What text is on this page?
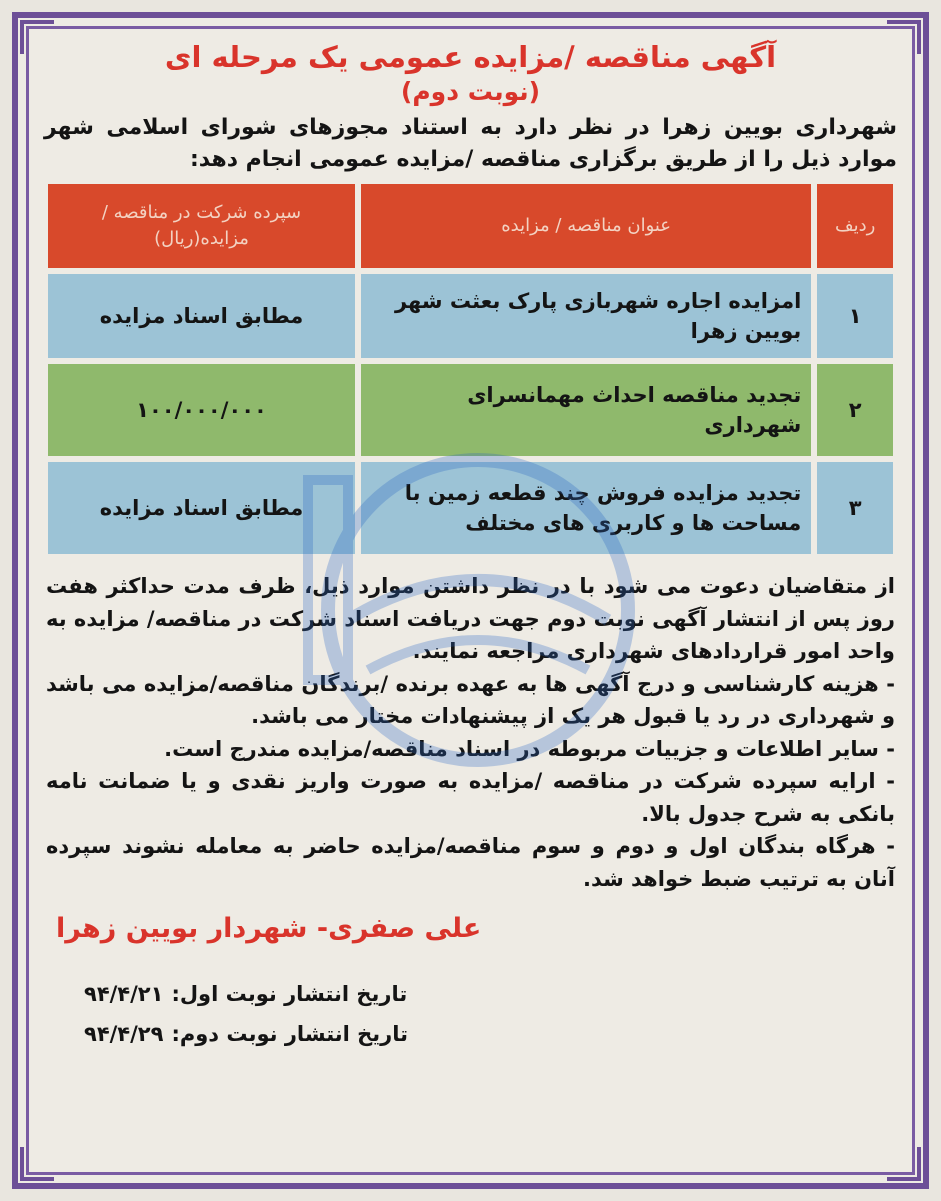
آگهی مناقصه /مزایده عمومی یک مرحله ای
(نوبت دوم)
شهرداری بویین زهرا در نظر دارد به استناد مجوزهای شورای اسلامی شهر موارد ذیل را از طریق برگزاری مناقصه /مزایده عمومی انجام دهد:
ردیف	عنوان مناقصه / مزایده	سپرده شرکت در مناقصه / مزایده(ریال)
۱	امزایده اجاره شهربازی پارک بعثت شهر بویین زهرا	مطابق اسناد مزایده
۲	تجدید مناقصه احداث مهمانسرای شهرداری	۱۰۰/۰۰۰/۰۰۰
۳	تجدید مزایده فروش چند قطعه زمین با مساحت ها و کاربری های مختلف	مطابق اسناد مزایده

از متقاضیان دعوت می شود با در نظر داشتن موارد ذیل، ظرف مدت حداکثر هفت روز پس از انتشار آگهی نوبت دوم جهت دریافت اسناد شرکت در مناقصه/ مزایده به واحد امور قراردادهای شهرداری مراجعه نمایند.

- هزینه کارشناسی و درج آگهی ها به عهده برنده /برندگان مناقصه/مزایده می باشد و شهرداری در رد یا قبول هر یک از پیشنهادات مختار می باشد.

- سایر اطلاعات و جزییات مربوطه در اسناد مناقصه/مزایده مندرج است.

- ارایه سپرده شرکت در مناقصه /مزایده به صورت واریز نقدی و یا ضمانت نامه بانکی به شرح جدول بالا.

- هرگاه بندگان اول و دوم و سوم مناقصه/مزایده حاضر به معامله نشوند سپرده آنان به ترتیب ضبط خواهد شد.

علی صفری- شهردار بویین زهرا
تاریخ انتشار نوبت اول:
۹۴/۴/۲۱
تاریخ انتشار نوبت دوم:
۹۴/۴/۲۹
